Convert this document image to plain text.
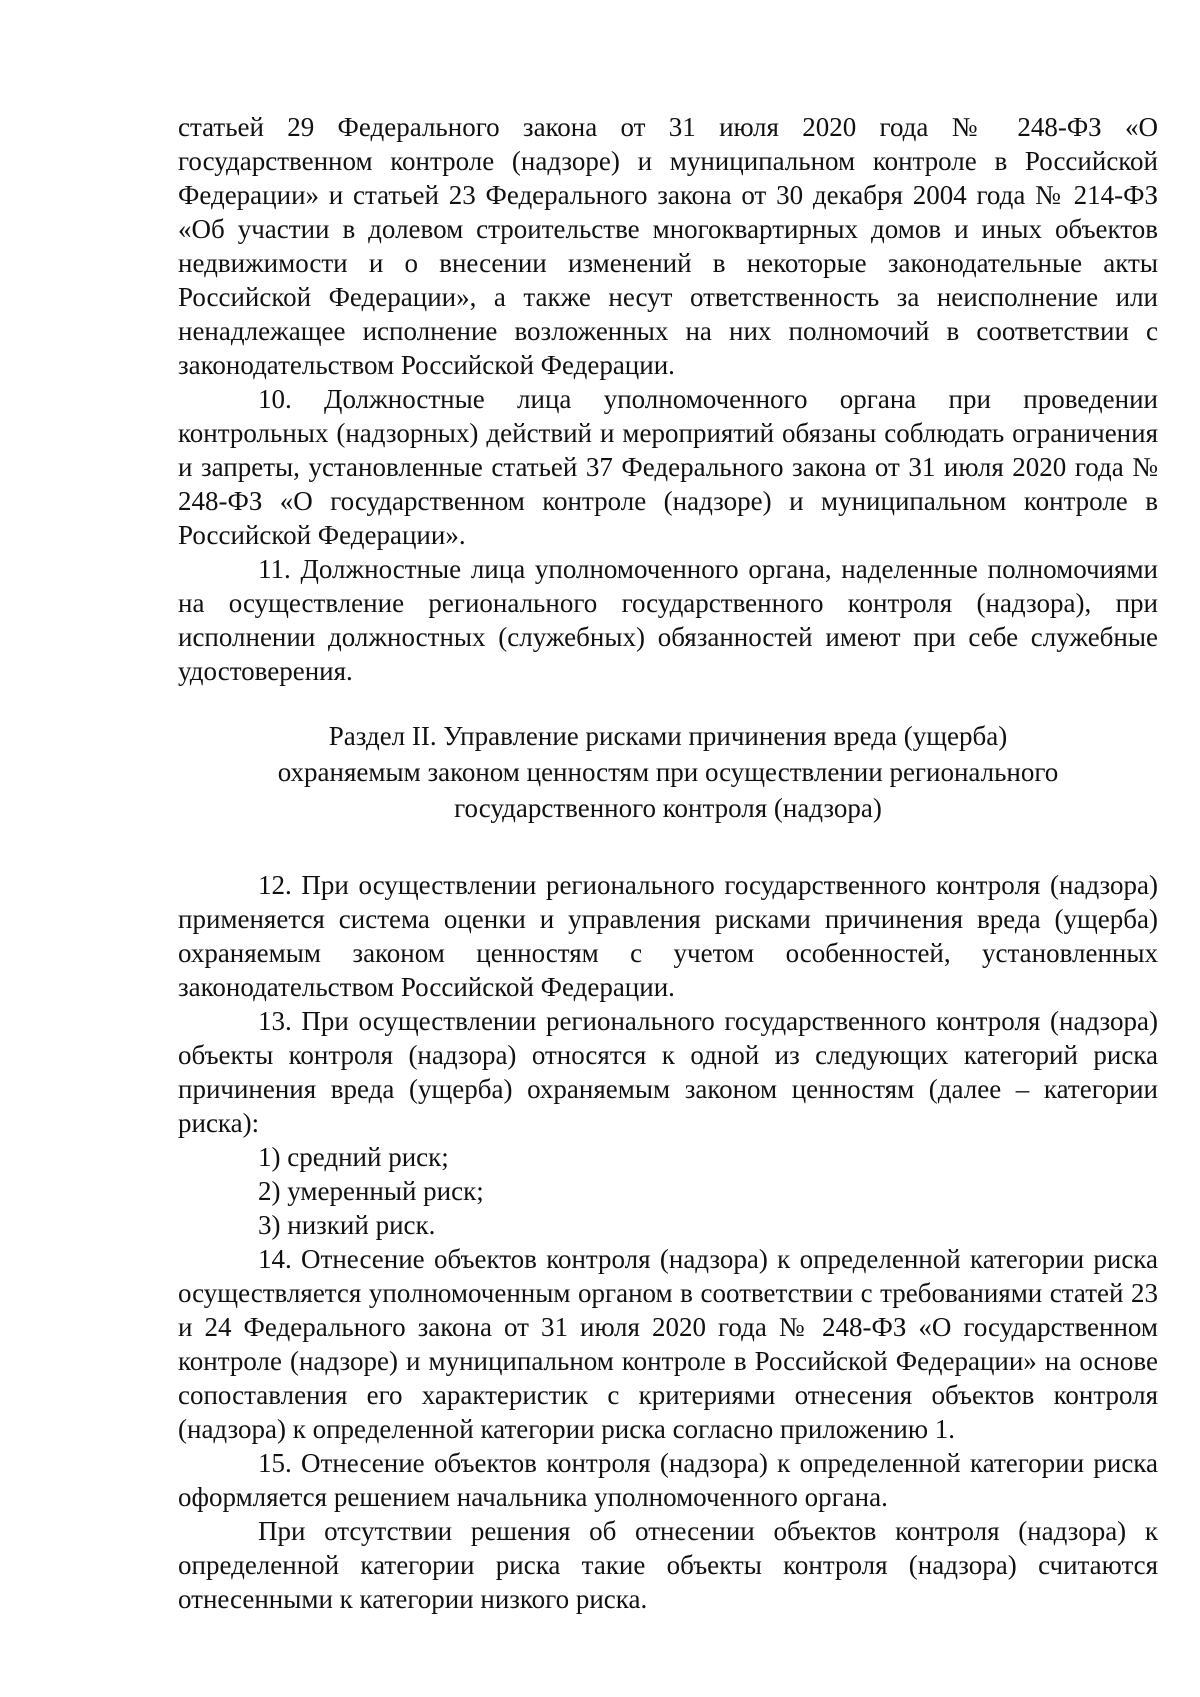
статьей 29 Федерального закона от 31 июля 2020 года № 248-ФЗ «О государственном контроле (надзоре) и муниципальном контроле в Российской Федерации» и статьей 23 Федерального закона от 30 декабря 2004 года № 214-ФЗ «Об участии в долевом строительстве многоквартирных домов и иных объектов недвижимости и о внесении изменений в некоторые законодательные акты Российской Федерации», а также несут ответственность за неисполнение или ненадлежащее исполнение возложенных на них полномочий в соответствии с законодательством Российской Федерации.

10. Должностные лица уполномоченного органа при проведении контрольных (надзорных) действий и мероприятий обязаны соблюдать ограничения и запреты, установленные статьей 37 Федерального закона от 31 июля 2020 года № 248-ФЗ «О государственном контроле (надзоре) и муниципальном контроле в Российской Федерации».

11. Должностные лица уполномоченного органа, наделенные полномочиями на осуществление регионального государственного контроля (надзора), при исполнении должностных (служебных) обязанностей имеют при себе служебные удостоверения.

Раздел II. Управление рисками причинения вреда (ущерба)
охраняемым законом ценностям при осуществлении регионального
государственного контроля (надзора)

12. При осуществлении регионального государственного контроля (надзора) применяется система оценки и управления рисками причинения вреда (ущерба) охраняемым законом ценностям с учетом особенностей, установленных законодательством Российской Федерации.

13. При осуществлении регионального государственного контроля (надзора) объекты контроля (надзора) относятся к одной из следующих категорий риска причинения вреда (ущерба) охраняемым законом ценностям (далее – категории риска):

1) средний риск;

2) умеренный риск;

3) низкий риск.

14. Отнесение объектов контроля (надзора) к определенной категории риска осуществляется уполномоченным органом в соответствии с требованиями статей 23 и 24 Федерального закона от 31 июля 2020 года № 248-ФЗ «О государственном контроле (надзоре) и муниципальном контроле в Российской Федерации» на основе сопоставления его характеристик с критериями отнесения объектов контроля (надзора) к определенной категории риска согласно приложению 1.

15. Отнесение объектов контроля (надзора) к определенной категории риска оформляется решением начальника уполномоченного органа.

При отсутствии решения об отнесении объектов контроля (надзора) к определенной категории риска такие объекты контроля (надзора) считаются отнесенными к категории низкого риска.
